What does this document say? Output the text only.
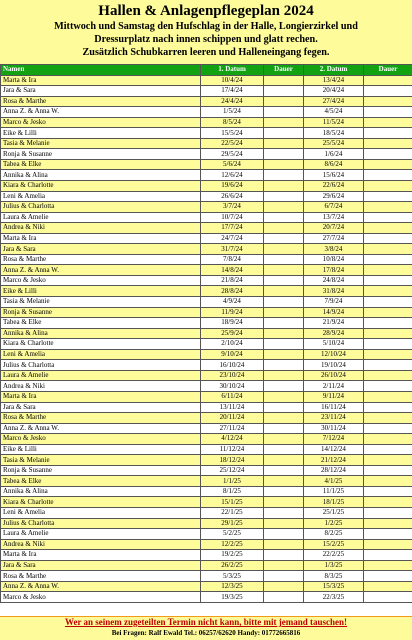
Hallen & Anlagenpflegeplan 2024
Mittwoch und Samstag den Hufschlag in der Halle, Longierzirkel und
Dressurplatz nach innen schippen und glatt rechen.
Zusätzlich Schubkarren leeren und Halleneingang fegen.
Namen	1. Datum	Dauer	2. Datum	Dauer
Marta & Ira	10/4/24		13/4/24	
Jara & Sara	17/4/24		20/4/24	
Rosa & Marthe	24/4/24		27/4/24	
Anna Z. & Anna W.	1/5/24		4/5/24	
Marco & Jesko	8/5/24		11/5/24	
Eike & Lilli	15/5/24		18/5/24	
Tasia & Melanie	22/5/24		25/5/24	
Ronja & Susanne	29/5/24		1/6/24	
Tabea & Elke	5/6/24		8/6/24	
Annika & Alina	12/6/24		15/6/24	
Kiara & Charlotte	19/6/24		22/6/24	
Leni & Amelia	26/6/24		29/6/24	
Julius & Charlotta	3/7/24		6/7/24	
Laura & Amelie	10/7/24		13/7/24	
Andrea & Niki	17/7/24		20/7/24	
Marta & Ira	24/7/24		27/7/24	
Jara & Sara	31/7/24		3/8/24	
Rosa & Marthe	7/8/24		10/8/24	
Anna Z. & Anna W.	14/8/24		17/8/24	
Marco & Jesko	21/8/24		24/8/24	
Eike & Lilli	28/8/24		31/8/24	
Tasia & Melanie	4/9/24		7/9/24	
Ronja & Susanne	11/9/24		14/9/24	
Tabea & Elke	18/9/24		21/9/24	
Annika & Alina	25/9/24		28/9/24	
Kiara & Charlotte	2/10/24		5/10/24	
Leni & Amelia	9/10/24		12/10/24	
Julius & Charlotta	16/10/24		19/10/24	
Laura & Amelie	23/10/24		26/10/24	
Andrea & Niki	30/10/24		2/11/24	
Marta & Ira	6/11/24		9/11/24	
Jara & Sara	13/11/24		16/11/24	
Rosa & Marthe	20/11/24		23/11/24	
Anna Z. & Anna W.	27/11/24		30/11/24	
Marco & Jesko	4/12/24		7/12/24	
Eike & Lilli	11/12/24		14/12/24	
Tasia & Melanie	18/12/24		21/12/24	
Ronja & Susanne	25/12/24		28/12/24	
Tabea & Elke	1/1/25		4/1/25	
Annika & Alina	8/1/25		11/1/25	
Kiara & Charlotte	15/1/25		18/1/25	
Leni & Amelia	22/1/25		25/1/25	
Julius & Charlotta	29/1/25		1/2/25	
Laura & Amelie	5/2/25		8/2/25	
Andrea & Niki	12/2/25		15/2/25	
Marta & Ira	19/2/25		22/2/25	
Jara & Sara	26/2/25		1/3/25	
Rosa & Marthe	5/3/25		8/3/25	
Anna Z. & Anna W.	12/3/25		15/3/25	
Marco & Jesko	19/3/25		22/3/25	
Wer an seinem zugeteilten Termin nicht kann, bitte mit jemand tauschen!
Bei Fragen: Ralf Ewald Tel.: 06257/62620 Handy: 01772665816
